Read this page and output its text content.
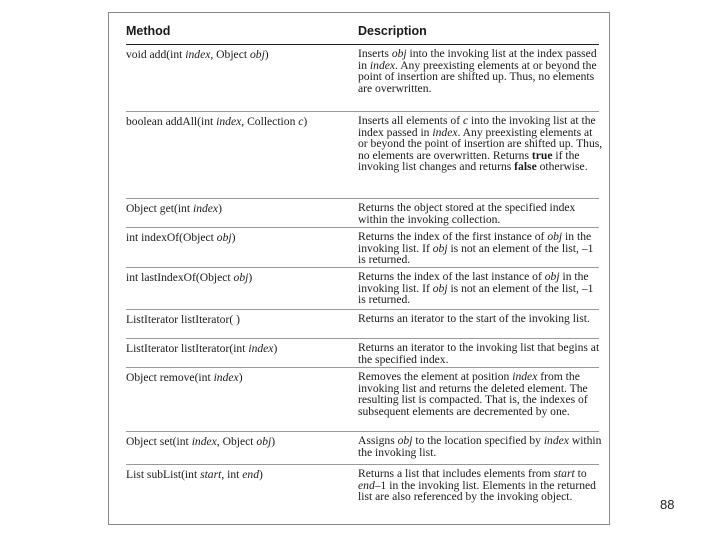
Method	Description
void add(int index, Object obj)	Inserts obj into the invoking list at the index passed in index. Any preexisting elements at or beyond the point of insertion are shifted up. Thus, no elements are overwritten.
boolean addAll(int index, Collection c)	Inserts all elements of c into the invoking list at the index passed in index. Any preexisting elements at or beyond the point of insertion are shifted up. Thus, no elements are overwritten. Returns true if the invoking list changes and returns false otherwise.
Object get(int index)	Returns the object stored at the specified index within the invoking collection.
int indexOf(Object obj)	Returns the index of the first instance of obj in the invoking list. If obj is not an element of the list, –1 is returned.
int lastIndexOf(Object obj)	Returns the index of the last instance of obj in the invoking list. If obj is not an element of the list, –1 is returned.
ListIterator listIterator( )	Returns an iterator to the start of the invoking list.
ListIterator listIterator(int index)	Returns an iterator to the invoking list that begins at the specified index.
Object remove(int index)	Removes the element at position index from the invoking list and returns the deleted element. The resulting list is compacted. That is, the indexes of subsequent elements are decremented by one.
Object set(int index, Object obj)	Assigns obj to the location specified by index within the invoking list.
List subList(int start, int end)	Returns a list that includes elements from start to end–1 in the invoking list. Elements in the returned list are also referenced by the invoking object.
88
